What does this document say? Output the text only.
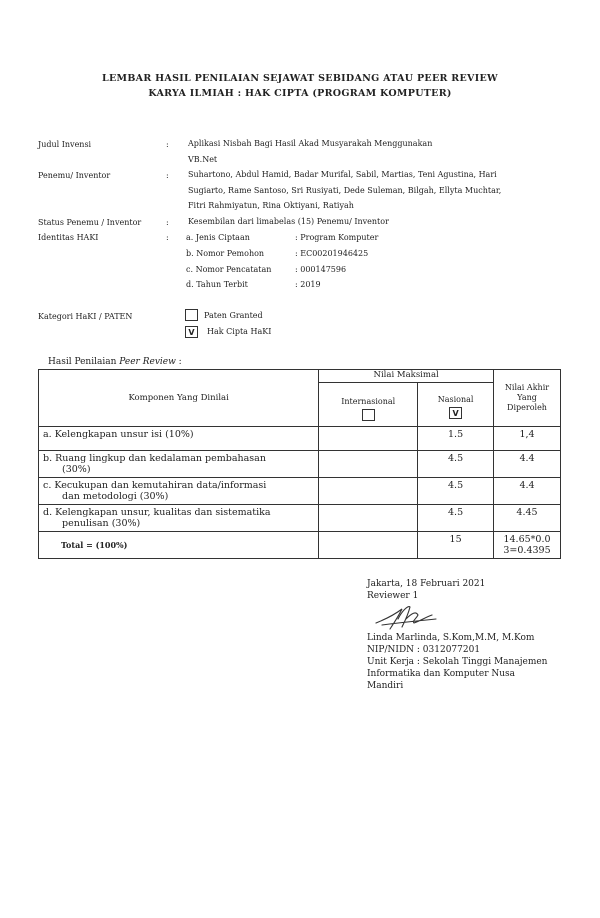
LEMBAR HASIL PENILAIAN SEJAWAT SEBIDANG ATAU PEER REVIEW
KARYA ILMIAH : HAK CIPTA (PROGRAM KOMPUTER)
Judul Invensi	: Aplikasi Nisbah Bagi Hasil Akad Musyarakah Menggunakan
VB.Net
Penemu/ Inventor	: Suhartono, Abdul Hamid, Badar Murifal, Sabil, Martias, Teni Agustina, Hari
Sugiarto, Rame Santoso, Sri Rusiyati, Dede Suleman, Bilgah, Ellyta Muchtar,
Fitri Rahmiyatun, Rina Oktiyani, Ratiyah
Status Penemu / Inventor	: Kesembilan dari limabelas (15) Penemu/ Inventor
Identitas HAKI	: a. Jenis Ciptaan	: Program Komputer
b. Nomor Pemohon	: EC00201946425
c. Nomor Pencatatan	: 000147596
d. Tahun Terbit	: 2019
Kategori HaKI / PATEN	Paten Granted
V	Hak Cipta HaKI
Hasil Penilaian Peer Review :
Komponen Yang Dinilai	Nilai Maksimal		Nilai Akhir
Yang
Diperoleh

	Internasional	Nasional
V	

a. Kelengkapan unsur isi (10%)		1.5	1,4

b. Ruang lingkup dan kedalaman pembahasan
(30%)		4.5	4.4

c. Kecukupan dan kemutahiran data/informasi
dan metodologi (30%)		4.5	4.4

d. Kelengkapan unsur, kualitas dan sistematika
penulisan (30%)		4.5	4.45
Total = (100%)		15	14.65*0.0
3=0.4395
Jakarta, 18 Februari 2021
Reviewer 1
Linda Marlinda, S.Kom,M.M, M.Kom
NIP/NIDN : 0312077201
Unit Kerja : Sekolah Tinggi Manajemen
Informatika dan Komputer Nusa
Mandiri
